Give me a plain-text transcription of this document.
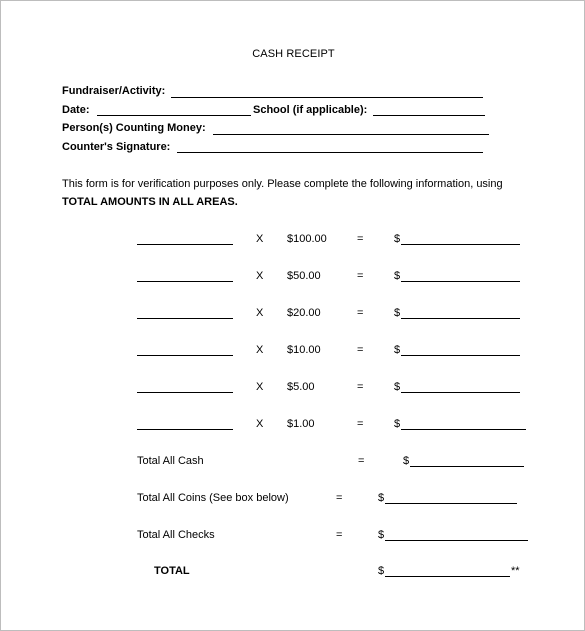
CASH RECEIPT
Fundraiser/Activity:
Date:	School (if applicable):
Person(s) Counting Money:
Counter's Signature:
This form is for verification purposes only. Please complete the following information, using
TOTAL AMOUNTS IN ALL AREAS.
X $100.00	=	$
X $50.00	=	$
X $20.00	=	$
X $10.00	=	$
X $5.00	=	$
X $1.00	=	$
Total All Cash	=	$
Total All Coins (See box below)	=	$
Total All Checks	=	$
TOTAL	$	**
